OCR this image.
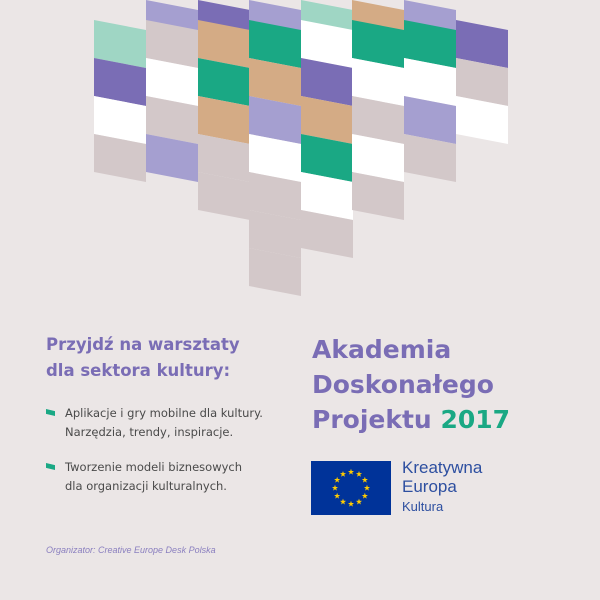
Przyjdź na warsztaty
dla sektora kultury:
Aplikacje i gry mobilne dla kultury.
Narzędzia, trendy, inspiracje.
Tworzenie modeli biznesowych
dla organizacji kulturalnych.
Akademia
Doskonałego
Projektu 2017
Kreatywna
Europa
Kultura
Organizator: Creative Europe Desk Polska
